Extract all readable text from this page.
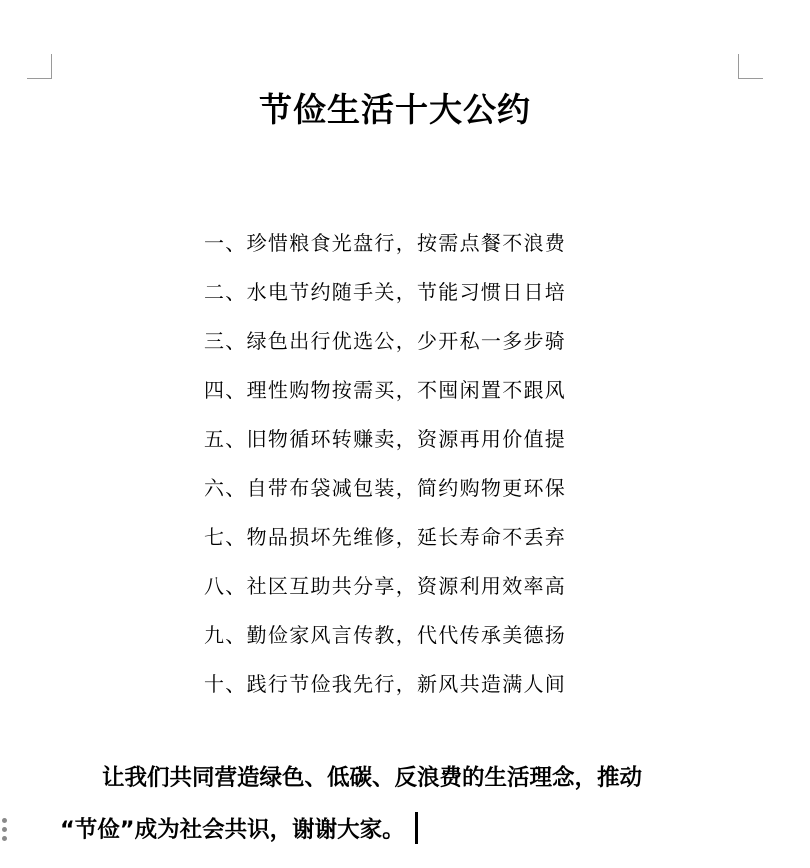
节俭生活十大公约
一、珍惜粮食光盘行，按需点餐不浪费
二、水电节约随手关，节能习惯日日培
三、绿色出行优选公，少开私一多步骑
四、理性购物按需买，不囤闲置不跟风
五、旧物循环转赚卖，资源再用价值提
六、自带布袋减包装，简约购物更环保
七、物品损坏先维修，延长寿命不丢弃
八、社区互助共分享，资源利用效率高
九、勤俭家风言传教，代代传承美德扬
十、践行节俭我先行，新风共造满人间
让我们共同营造绿色、低碳、反浪费的生活理念，推动
“节俭”成为社会共识，谢谢大家。
